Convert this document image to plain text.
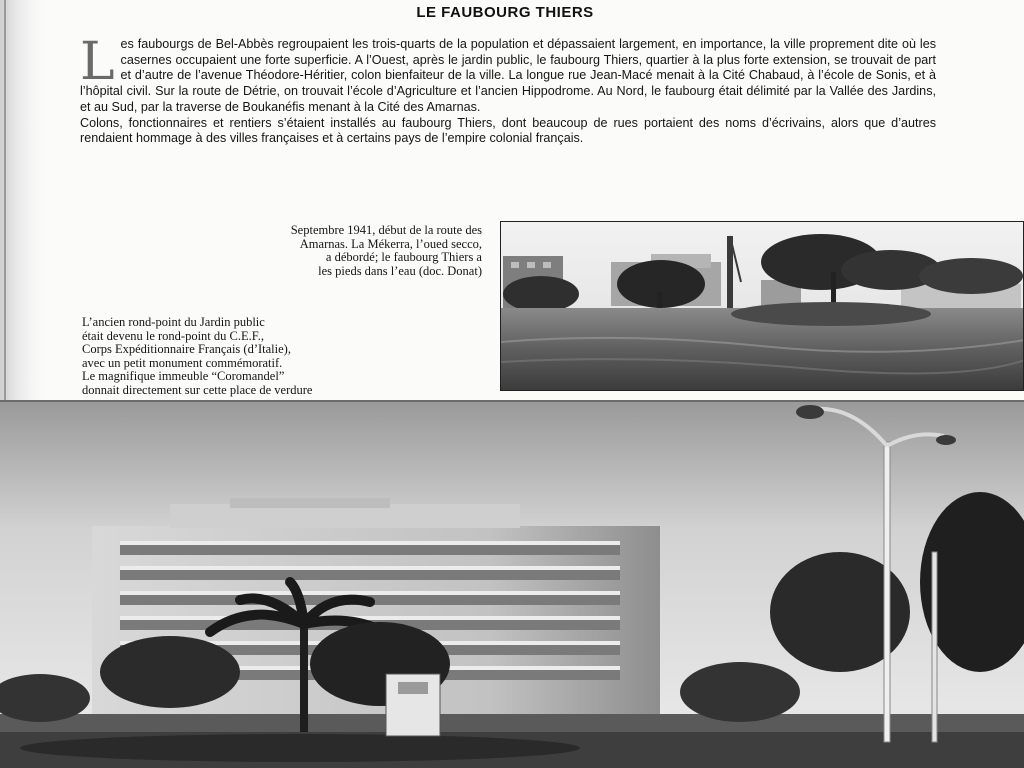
LE FAUBOURG THIERS
L es faubourgs de Bel-Abbès regroupaient les trois-quarts de la population et dépassaient largement, en importance, la ville proprement dite où les casernes occupaient une forte superficie. A l’Ouest, après le jardin public, le faubourg Thiers, quartier à la plus forte extension, se trouvait de part et d’autre de l’avenue Théodore-Héritier, colon bienfaiteur de la ville. La longue rue Jean-Macé menait à la Cité Chabaud, à l’école de Sonis, et à l’hôpital civil. Sur la route de Détrie, on trouvait l’école d’Agriculture et l’ancien Hippodrome. Au Nord, le faubourg était délimité par la Vallée des Jardins, et au Sud, par la traverse de Boukanéfis menant à la Cité des Amarnas.

Colons, fonctionnaires et rentiers s’étaient installés au faubourg Thiers, dont beaucoup de rues portaient des noms d’écrivains, alors que d’autres rendaient hommage à des villes françaises et à certains pays de l’empire colonial français.

Septembre 1941, début de la route des
Amarnas. La Mékerra, l’oued secco,
a débordé; le faubourg Thiers a
les pieds dans l’eau (doc. Donat)
L’ancien rond-point du Jardin public
était devenu le rond-point du C.E.F.,
Corps Expéditionnaire Français (d’Italie),
avec un petit monument commémoratif.
Le magnifique immeuble “Coromandel”
donnait directement sur cette place de verdure
